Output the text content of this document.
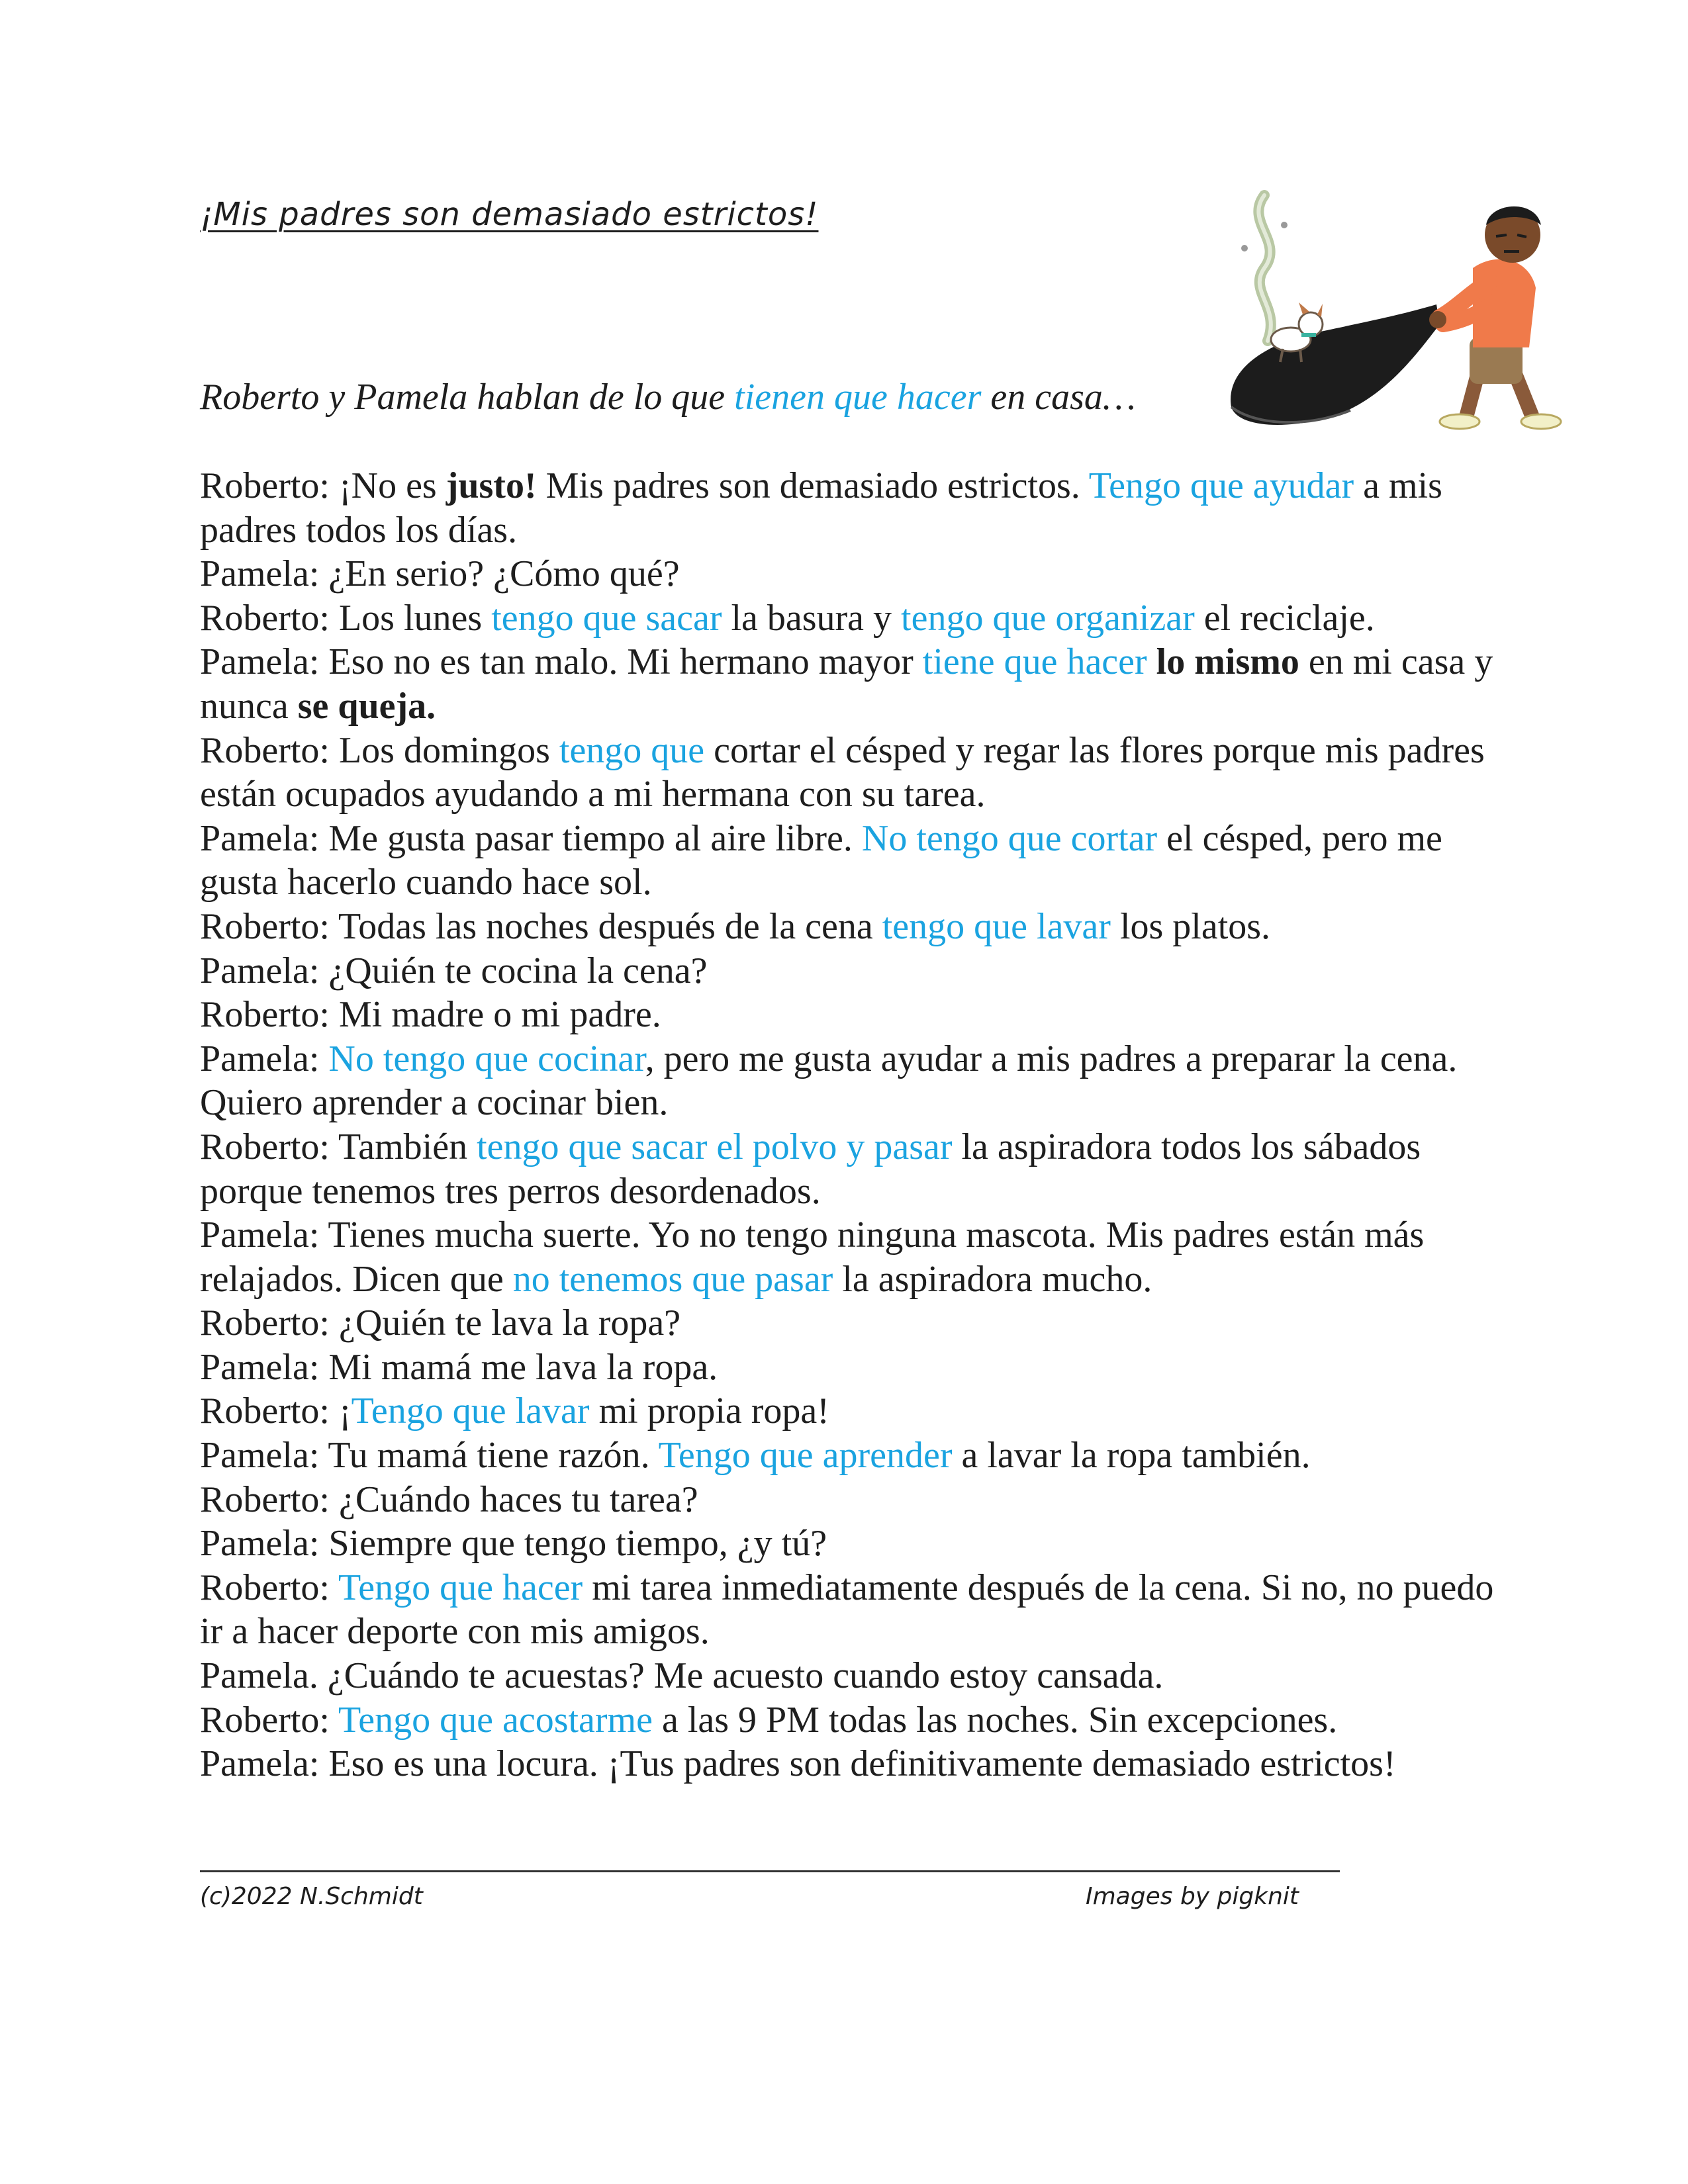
¡Mis padres son demasiado estrictos!

Roberto y Pamela hablan de lo que tienen que hacer en casa…

Roberto: ¡No es justo! Mis padres son demasiado estrictos. Tengo que ayudar a mis padres todos los días.

Pamela: ¿En serio? ¿Cómo qué?

Roberto: Los lunes tengo que sacar la basura y tengo que organizar el reciclaje.

Pamela: Eso no es tan malo. Mi hermano mayor tiene que hacer lo mismo en mi casa y nunca se queja.

Roberto: Los domingos tengo que cortar el césped y regar las flores porque mis padres están ocupados ayudando a mi hermana con su tarea.

Pamela: Me gusta pasar tiempo al aire libre. No tengo que cortar el césped, pero me gusta hacerlo cuando hace sol.

Roberto: Todas las noches después de la cena tengo que lavar los platos.

Pamela: ¿Quién te cocina la cena?

Roberto: Mi madre o mi padre.

Pamela: No tengo que cocinar, pero me gusta ayudar a mis padres a preparar la cena. Quiero aprender a cocinar bien.

Roberto: También tengo que sacar el polvo y pasar la aspiradora todos los sábados porque tenemos tres perros desordenados.

Pamela: Tienes mucha suerte. Yo no tengo ninguna mascota. Mis padres están más relajados. Dicen que no tenemos que pasar la aspiradora mucho.

Roberto: ¿Quién te lava la ropa?

Pamela: Mi mamá me lava la ropa.

Roberto: ¡Tengo que lavar mi propia ropa!

Pamela: Tu mamá tiene razón. Tengo que aprender a lavar la ropa también.

Roberto: ¿Cuándo haces tu tarea?

Pamela: Siempre que tengo tiempo, ¿y tú?

Roberto: Tengo que hacer mi tarea inmediatamente después de la cena. Si no, no puedo ir a hacer deporte con mis amigos.

Pamela. ¿Cuándo te acuestas? Me acuesto cuando estoy cansada.

Roberto: Tengo que acostarme a las 9 PM todas las noches. Sin excepciones.

Pamela: Eso es una locura. ¡Tus padres son definitivamente demasiado estrictos!

(c)2022 N.Schmidt	Images by pigknit
